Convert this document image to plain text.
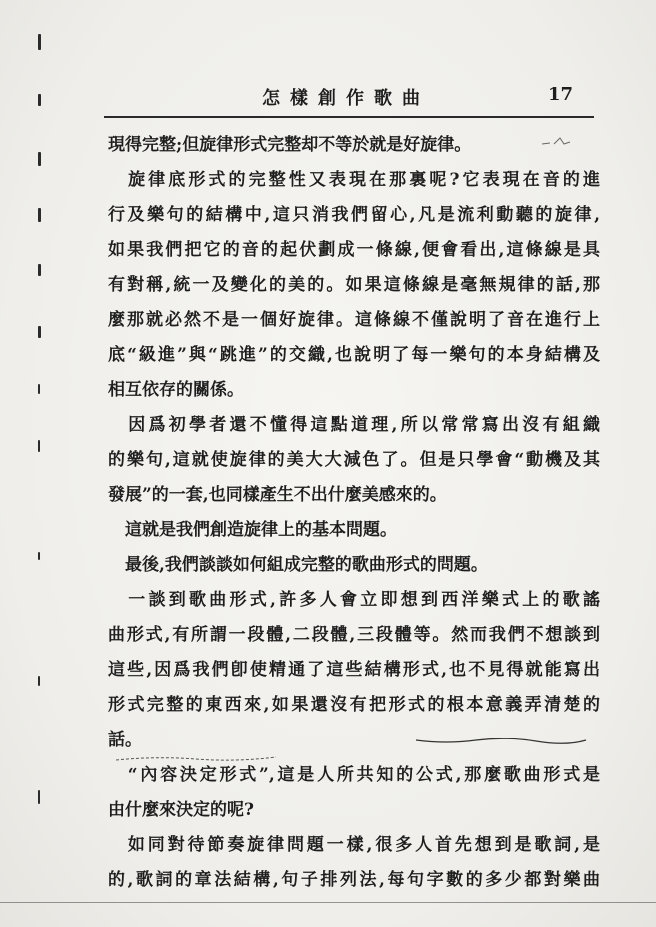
怎樣創作歌曲	17
現得完整;但旋律形式完整却不等於就是好旋律。
　旋律底形式的完整性又表現在那裏呢?它表現在音的進
行及樂句的結構中,這只消我們留心,凡是流利動聽的旋律,
如果我們把它的音的起伏劃成一條線,便會看出,這條線是具
有對稱,統一及變化的美的。如果這條線是毫無規律的話,那
麼那就必然不是一個好旋律。這條線不僅說明了音在進行上
底“級進”與“跳進”的交織,也說明了每一樂句的本身結構及
相互依存的關係。
　因爲初學者還不懂得這點道理,所以常常寫出沒有組織
的樂句,這就使旋律的美大大減色了。但是只學會“動機及其
發展”的一套,也同樣產生不出什麼美感來的。
　這就是我們創造旋律上的基本問題。
　最後,我們談談如何組成完整的歌曲形式的問題。
　一談到歌曲形式,許多人會立即想到西洋樂式上的歌謠
曲形式,有所謂一段體,二段體,三段體等。然而我們不想談到
這些,因爲我們卽使精通了這些結構形式,也不見得就能寫出
形式完整的東西來,如果還沒有把形式的根本意義弄清楚的
話。
　“內容決定形式”,這是人所共知的公式,那麼歌曲形式是
由什麼來決定的呢?
　如同對待節奏旋律問題一樣,很多人首先想到是歌詞,是
的,歌詞的章法結構,句子排列法,每句字數的多少都對樂曲
